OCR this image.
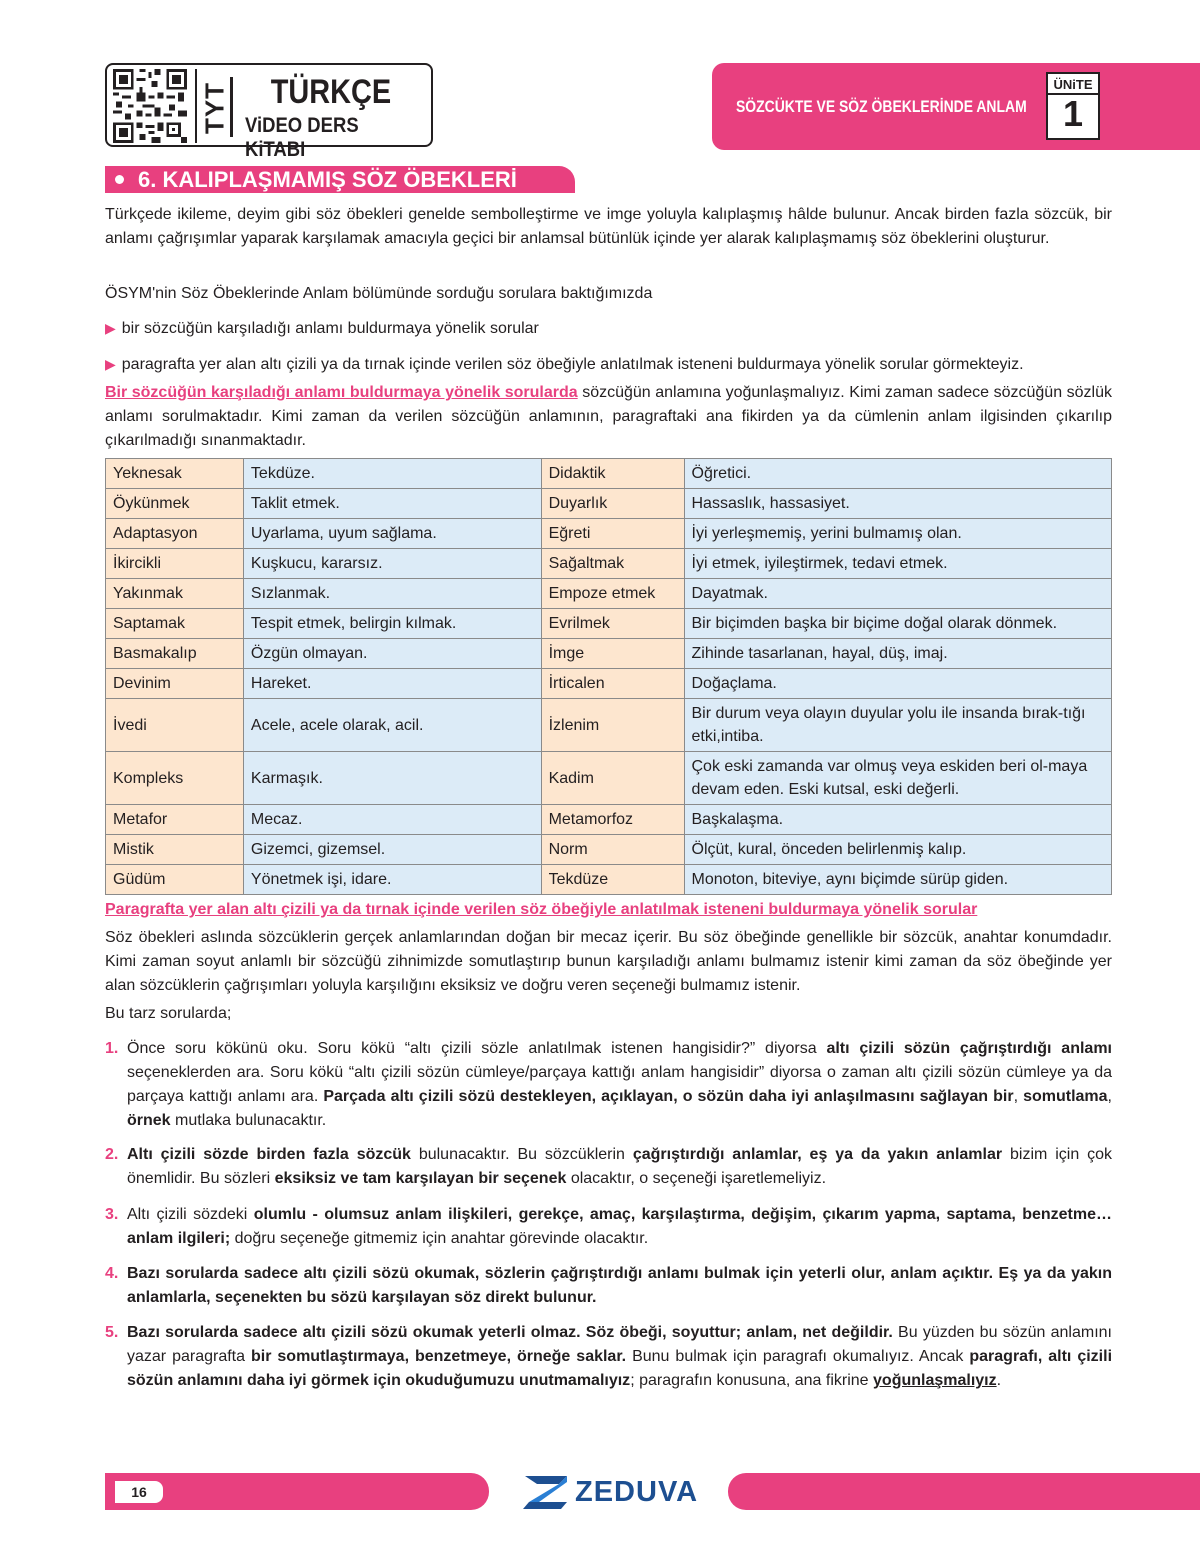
TYT	TÜRKÇE
ViDEO DERS KiTABI
SÖZCÜKTE VE SÖZ ÖBEKLERİNDE ANLAM
ÜNiTE
1
6. KALIPLAŞMAMIŞ SÖZ ÖBEKLERİ

Türkçede ikileme, deyim gibi söz öbekleri genelde sembolleştirme ve imge yoluyla kalıplaşmış hâlde bulunur. Ancak birden fazla sözcük, bir anlamı çağrışımlar yaparak karşılamak amacıyla geçici bir anlamsal bütünlük içinde yer alarak kalıplaşmamış söz öbeklerini oluşturur.

ÖSYM'nin Söz Öbeklerinde Anlam bölümünde sorduğu sorulara baktığımızda

▶ bir sözcüğün karşıladığı anlamı buldurmaya yönelik sorular
▶ paragrafta yer alan altı çizili ya da tırnak içinde verilen söz öbeğiyle anlatılmak isteneni buldurmaya yönelik sorular görmekteyiz.

Bir sözcüğün karşıladığı anlamı buldurmaya yönelik sorularda sözcüğün anlamına yoğunlaşmalıyız. Kimi zaman sadece sözcüğün sözlük anlamı sorulmaktadır. Kimi zaman da verilen sözcüğün anlamının, paragraftaki ana fikirden ya da cümlenin anlam ilgisinden çıkarılıp çıkarılmadığı sınanmaktadır.

Yeknesak	Tekdüze.	Didaktik	Öğretici.
Öykünmek	Taklit etmek.	Duyarlık	Hassaslık, hassasiyet.
Adaptasyon	Uyarlama, uyum sağlama.	Eğreti	İyi yerleşmemiş, yerini bulmamış olan.
İkircikli	Kuşkucu, kararsız.	Sağaltmak	İyi etmek, iyileştirmek, tedavi etmek.
Yakınmak	Sızlanmak.	Empoze etmek	Dayatmak.
Saptamak	Tespit etmek, belirgin kılmak.	Evrilmek	Bir biçimden başka bir biçime doğal olarak dönmek.
Basmakalıp	Özgün olmayan.	İmge	Zihinde tasarlanan, hayal, düş, imaj.
Devinim	Hareket.	İrticalen	Doğaçlama.
İvedi	Acele, acele olarak, acil.	İzlenim	Bir durum veya olayın duyular yolu ile insanda bırak-tığı etki,intiba.
Kompleks	Karmaşık.	Kadim	Çok eski zamanda var olmuş veya eskiden beri ol-maya devam eden. Eski kutsal, eski değerli.
Metafor	Mecaz.	Metamorfoz	Başkalaşma.
Mistik	Gizemci, gizemsel.	Norm	Ölçüt, kural, önceden belirlenmiş kalıp.
Güdüm	Yönetmek işi, idare.	Tekdüze	Monoton, biteviye, aynı biçimde sürüp giden.
Paragrafta yer alan altı çizili ya da tırnak içinde verilen söz öbeğiyle anlatılmak isteneni buldurmaya yönelik sorular

Söz öbekleri aslında sözcüklerin gerçek anlamlarından doğan bir mecaz içerir. Bu söz öbeğinde genellikle bir sözcük, anahtar konumdadır. Kimi zaman soyut anlamlı bir sözcüğü zihnimizde somutlaştırıp bunun karşıladığı anlamı bulmamız istenir kimi zaman da söz öbeğinde yer alan sözcüklerin çağrışımları yoluyla karşılığını eksiksiz ve doğru veren seçeneği bulmamız istenir.

Bu tarz sorularda;

1. Önce soru kökünü oku. Soru kökü “altı çizili sözle anlatılmak istenen hangisidir?” diyorsa altı çizili sözün çağrıştırdığı anlamı seçeneklerden ara. Soru kökü “altı çizili sözün cümleye/parçaya kattığı anlam hangisidir” diyorsa o zaman altı çizili sözün cümleye ya da parçaya kattığı anlamı ara. Parçada altı çizili sözü destekleyen, açıklayan, o sözün daha iyi anlaşılmasını sağlayan bir, somutlama, örnek mutlaka bulunacaktır.
2. Altı çizili sözde birden fazla sözcük bulunacaktır. Bu sözcüklerin çağrıştırdığı anlamlar, eş ya da yakın anlamlar bizim için çok önemlidir. Bu sözleri eksiksiz ve tam karşılayan bir seçenek olacaktır, o seçeneği işaretlemeliyiz.
3. Altı çizili sözdeki olumlu - olumsuz anlam ilişkileri, gerekçe, amaç, karşılaştırma, değişim, çıkarım yapma, saptama, benzetme… anlam ilgileri; doğru seçeneğe gitmemiz için anahtar görevinde olacaktır.
4. Bazı sorularda sadece altı çizili sözü okumak, sözlerin çağrıştırdığı anlamı bulmak için yeterli olur, anlam açıktır. Eş ya da yakın anlamlarla, seçenekten bu sözü karşılayan söz direkt bulunur.
5. Bazı sorularda sadece altı çizili sözü okumak yeterli olmaz. Söz öbeği, soyuttur; anlam, net değildir. Bu yüzden bu sözün anlamını yazar paragrafta bir somutlaştırmaya, benzetmeye, örneğe saklar. Bunu bulmak için paragrafı okumalıyız. Ancak paragrafı, altı çizili sözün anlamını daha iyi görmek için okuduğumuzu unutmamalıyız; paragrafın konusuna, ana fikrine yoğunlaşmalıyız.
16	ZEDUVA
